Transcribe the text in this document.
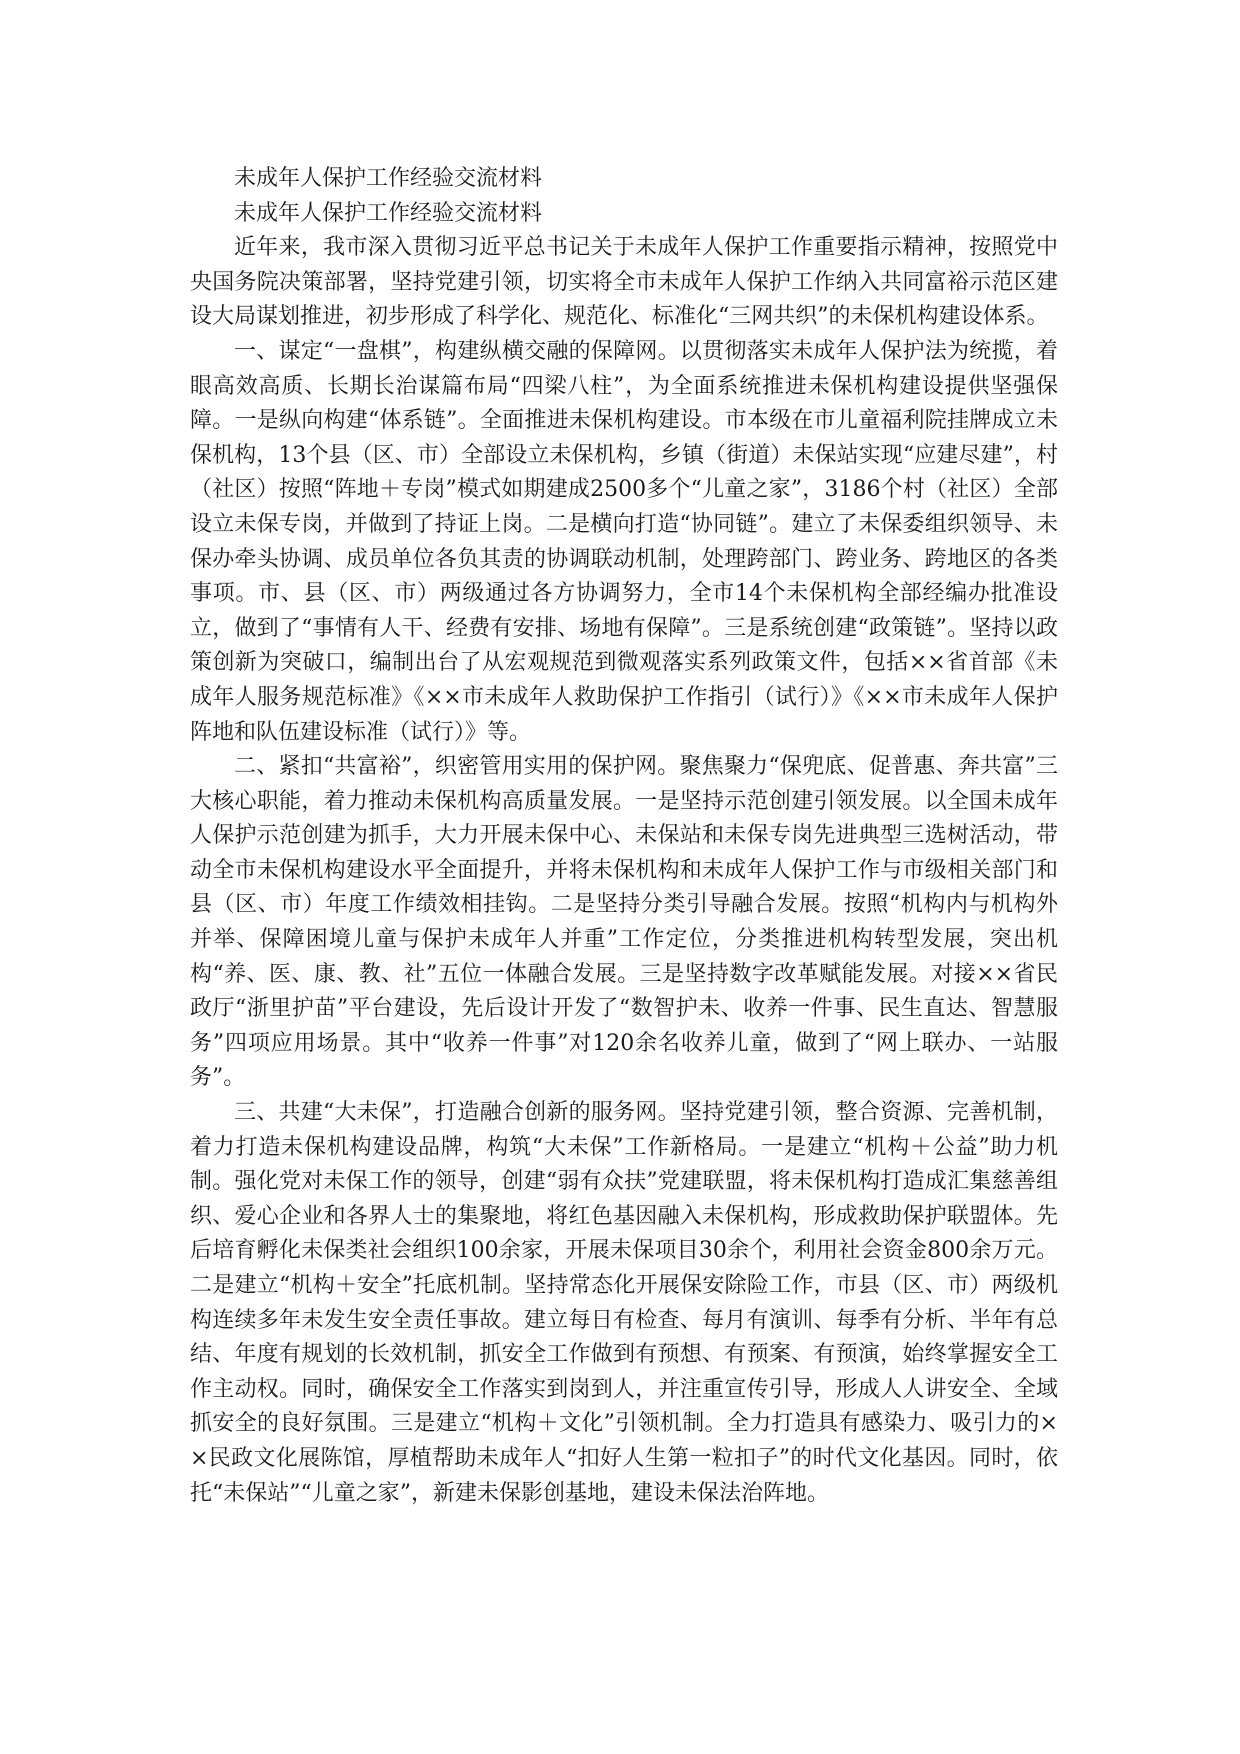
未成年人保护工作经验交流材料

未成年人保护工作经验交流材料

近年来，我市深入贯彻习近平总书记关于未成年人保护工作重要指示精神，按照党中央国务院决策部署，坚持党建引领，切实将全市未成年人保护工作纳入共同富裕示范区建设大局谋划推进，初步形成了科学化、规范化、标准化“三网共织”的未保机构建设体系。

一、谋定“一盘棋”，构建纵横交融的保障网。以贯彻落实未成年人保护法为统揽，着眼高效高质、长期长治谋篇布局“四梁八柱”，为全面系统推进未保机构建设提供坚强保障。一是纵向构建“体系链”。全面推进未保机构建设。市本级在市儿童福利院挂牌成立未保机构，13个县（区、市）全部设立未保机构，乡镇（街道）未保站实现“应建尽建”，村（社区）按照“阵地＋专岗”模式如期建成2500多个“儿童之家”，3186个村（社区）全部设立未保专岗，并做到了持证上岗。二是横向打造“协同链”。建立了未保委组织领导、未保办牵头协调、成员单位各负其责的协调联动机制，处理跨部门、跨业务、跨地区的各类事项。市、县（区、市）两级通过各方协调努力，全市14个未保机构全部经编办批准设立，做到了“事情有人干、经费有安排、场地有保障”。三是系统创建“政策链”。坚持以政策创新为突破口，编制出台了从宏观规范到微观落实系列政策文件，包括××省首部《未成年人服务规范标准》《××市未成年人救助保护工作指引（试行）》《××市未成年人保护阵地和队伍建设标准（试行）》等。

二、紧扣“共富裕”，织密管用实用的保护网。聚焦聚力“保兜底、促普惠、奔共富”三大核心职能，着力推动未保机构高质量发展。一是坚持示范创建引领发展。以全国未成年人保护示范创建为抓手，大力开展未保中心、未保站和未保专岗先进典型三选树活动，带动全市未保机构建设水平全面提升，并将未保机构和未成年人保护工作与市级相关部门和县（区、市）年度工作绩效相挂钩。二是坚持分类引导融合发展。按照“机构内与机构外并举、保障困境儿童与保护未成年人并重”工作定位，分类推进机构转型发展，突出机构“养、医、康、教、社”五位一体融合发展。三是坚持数字改革赋能发展。对接××省民政厅“浙里护苗”平台建设，先后设计开发了“数智护未、收养一件事、民生直达、智慧服务”四项应用场景。其中“收养一件事”对120余名收养儿童，做到了“网上联办、一站服务”。

三、共建“大未保”，打造融合创新的服务网。坚持党建引领，整合资源、完善机制，着力打造未保机构建设品牌，构筑“大未保”工作新格局。一是建立“机构＋公益”助力机制。强化党对未保工作的领导，创建“弱有众扶”党建联盟，将未保机构打造成汇集慈善组织、爱心企业和各界人士的集聚地，将红色基因融入未保机构，形成救助保护联盟体。先后培育孵化未保类社会组织100余家，开展未保项目30余个，利用社会资金800余万元。二是建立“机构＋安全”托底机制。坚持常态化开展保安除险工作，市县（区、市）两级机构连续多年未发生安全责任事故。建立每日有检查、每月有演训、每季有分析、半年有总结、年度有规划的长效机制，抓安全工作做到有预想、有预案、有预演，始终掌握安全工作主动权。同时，确保安全工作落实到岗到人，并注重宣传引导，形成人人讲安全、全域抓安全的良好氛围。三是建立“机构＋文化”引领机制。全力打造具有感染力、吸引力的××民政文化展陈馆，厚植帮助未成年人“扣好人生第一粒扣子”的时代文化基因。同时，依托“未保站”“儿童之家”，新建未保影创基地，建设未保法治阵地。
